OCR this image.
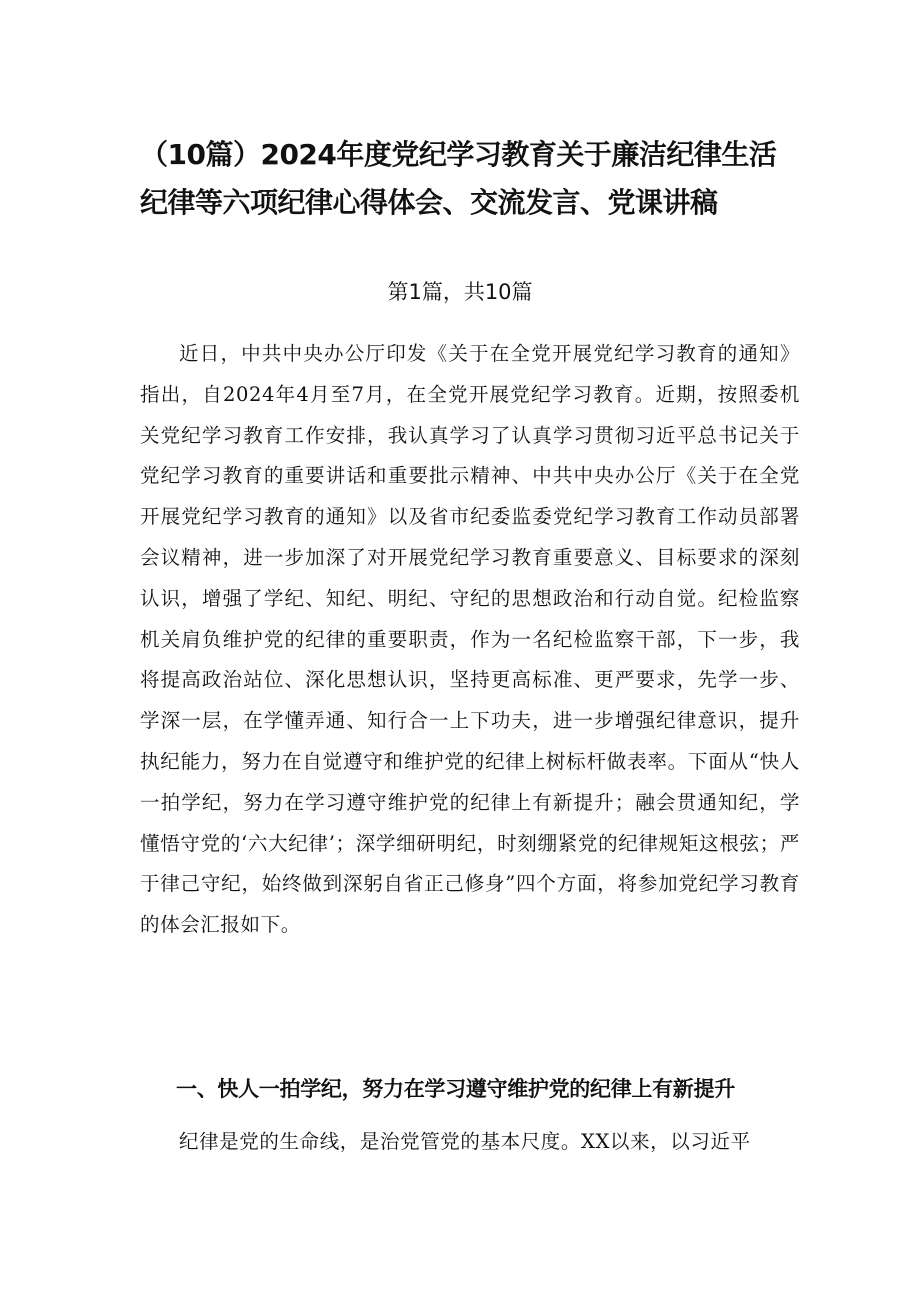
（10篇）2024年度党纪学习教育关于廉洁纪律生活
纪律等六项纪律心得体会、交流发言、党课讲稿
第1篇，共10篇

近日，中共中央办公厅印发《关于在全党开展党纪学习教育的通知》指出，自2024年4月至7月，在全党开展党纪学习教育。近期，按照委机关党纪学习教育工作安排，我认真学习了认真学习贯彻习近平总书记关于党纪学习教育的重要讲话和重要批示精神、中共中央办公厅《关于在全党开展党纪学习教育的通知》以及省市纪委监委党纪学习教育工作动员部署会议精神，进一步加深了对开展党纪学习教育重要意义、目标要求的深刻认识，增强了学纪、知纪、明纪、守纪的思想政治和行动自觉。纪检监察机关肩负维护党的纪律的重要职责，作为一名纪检监察干部，下一步，我将提高政治站位、深化思想认识，坚持更高标准、更严要求，先学一步、学深一层，在学懂弄通、知行合一上下功夫，进一步增强纪律意识，提升执纪能力，努力在自觉遵守和维护党的纪律上树标杆做表率。下面从“快人一拍学纪，努力在学习遵守维护党的纪律上有新提升；融会贯通知纪，学懂悟守党的‘六大纪律’；深学细研明纪，时刻绷紧党的纪律规矩这根弦；严于律己守纪，始终做到深躬自省正己修身”四个方面，将参加党纪学习教育的体会汇报如下。

一、快人一拍学纪，努力在学习遵守维护党的纪律上有新提升

纪律是党的生命线，是治党管党的基本尺度。XX以来，以习近平
